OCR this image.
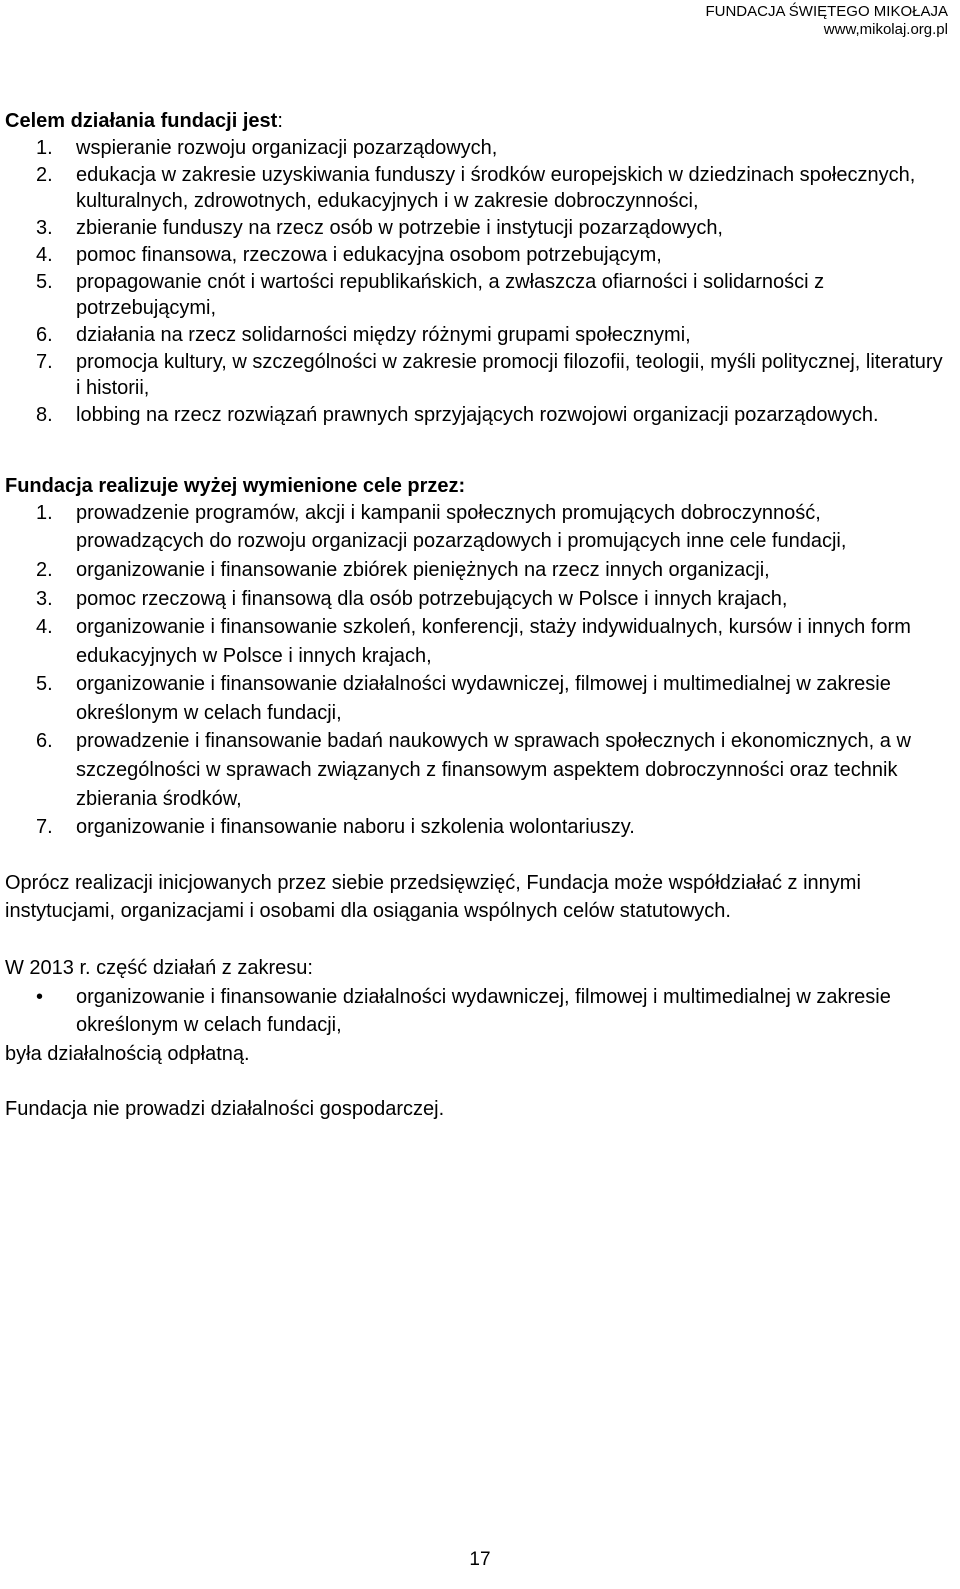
FUNDACJA ŚWIĘTEGO MIKOŁAJA
www,mikolaj.org.pl
Celem działania fundacji jest:
1. wspieranie rozwoju organizacji pozarządowych,
2. edukacja w zakresie uzyskiwania funduszy i środków europejskich w dziedzinach społecznych, kulturalnych, zdrowotnych, edukacyjnych i w zakresie dobroczynności,
3. zbieranie funduszy na rzecz osób w potrzebie i instytucji pozarządowych,
4. pomoc finansowa, rzeczowa i edukacyjna osobom potrzebującym,
5. propagowanie cnót i wartości republikańskich, a zwłaszcza ofiarności i solidarności z potrzebującymi,
6. działania na rzecz solidarności między różnymi grupami społecznymi,
7. promocja kultury, w szczególności w zakresie promocji filozofii, teologii, myśli politycznej, literatury i historii,
8. lobbing na rzecz rozwiązań prawnych sprzyjających rozwojowi organizacji pozarządowych.
Fundacja realizuje wyżej wymienione cele przez:
1. prowadzenie programów, akcji i kampanii społecznych promujących dobroczynność, prowadzących do rozwoju organizacji pozarządowych i promujących inne cele fundacji,
2. organizowanie i finansowanie zbiórek pieniężnych na rzecz innych organizacji,
3. pomoc rzeczową i finansową dla osób potrzebujących w Polsce i innych krajach,
4. organizowanie i finansowanie szkoleń, konferencji, staży indywidualnych, kursów i innych form edukacyjnych w Polsce i innych krajach,
5. organizowanie i finansowanie działalności wydawniczej, filmowej i multimedialnej w zakresie określonym w celach fundacji,
6. prowadzenie i finansowanie badań naukowych w sprawach społecznych i ekonomicznych, a w szczególności w sprawach związanych z finansowym aspektem dobroczynności oraz technik zbierania środków,
7. organizowanie i finansowanie naboru i szkolenia wolontariuszy.
Oprócz realizacji inicjowanych przez siebie przedsięwzięć, Fundacja może współdziałać z innymi instytucjami, organizacjami i osobami dla osiągania wspólnych celów statutowych.
W 2013 r. część działań z zakresu:
• organizowanie i finansowanie działalności wydawniczej, filmowej i multimedialnej w zakresie określonym w celach fundacji,
była działalnością odpłatną.
Fundacja nie prowadzi działalności gospodarczej.
17
